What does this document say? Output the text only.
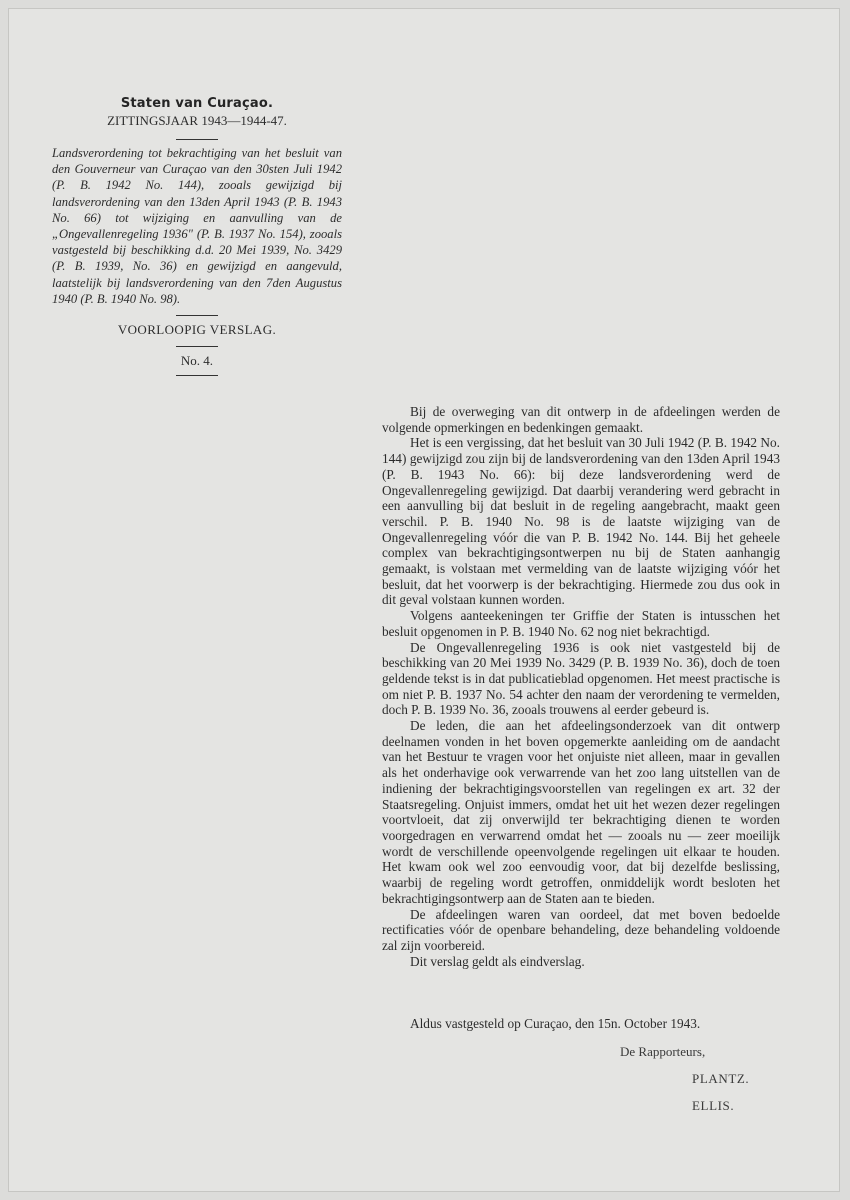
Staten van Curaçao.
ZITTINGSJAAR 1943—1944-47.
Landsverordening tot bekrachtiging van het besluit van den Gouverneur van Curaçao van den 30sten Juli 1942 (P. B. 1942 No. 144), zooals gewijzigd bij landsverordening van den 13den April 1943 (P. B. 1943 No. 66) tot wijziging en aanvulling van de „Ongevallenregeling 1936" (P. B. 1937 No. 154), zooals vastgesteld bij beschikking d.d. 20 Mei 1939, No. 3429 (P. B. 1939, No. 36) en gewijzigd en aangevuld, laatstelijk bij landsverordening van den 7den Augustus 1940 (P. B. 1940 No. 98).
VOORLOOPIG VERSLAG.
No. 4.

Bij de overweging van dit ontwerp in de afdeelingen werden de volgende opmerkingen en bedenkingen gemaakt.

Het is een vergissing, dat het besluit van 30 Juli 1942 (P. B. 1942 No. 144) gewijzigd zou zijn bij de landsverordening van den 13den April 1943 (P. B. 1943 No. 66): bij deze landsverordening werd de Ongevallenregeling gewijzigd. Dat daarbij verandering werd gebracht in een aanvulling bij dat besluit in de regeling aangebracht, maakt geen verschil. P. B. 1940 No. 98 is de laatste wijziging van de Ongevallenregeling vóór die van P. B. 1942 No. 144. Bij het geheele complex van bekrachtigingsontwerpen nu bij de Staten aanhangig gemaakt, is volstaan met vermelding van de laatste wijziging vóór het besluit, dat het voorwerp is der bekrachtiging. Hiermede zou dus ook in dit geval volstaan kunnen worden.

Volgens aanteekeningen ter Griffie der Staten is intusschen het besluit opgenomen in P. B. 1940 No. 62 nog niet bekrachtigd.

De Ongevallenregeling 1936 is ook niet vastgesteld bij de beschikking van 20 Mei 1939 No. 3429 (P. B. 1939 No. 36), doch de toen geldende tekst is in dat publicatieblad opgenomen. Het meest practische is om niet P. B. 1937 No. 54 achter den naam der verordening te vermelden, doch P. B. 1939 No. 36, zooals trouwens al eerder gebeurd is.

De leden, die aan het afdeelingsonderzoek van dit ontwerp deelnamen vonden in het boven opgemerkte aanleiding om de aandacht van het Bestuur te vragen voor het onjuiste niet alleen, maar in gevallen als het onderhavige ook verwarrende van het zoo lang uitstellen van de indiening der bekrachtigingsvoorstellen van regelingen ex art. 32 der Staatsregeling. Onjuist immers, omdat het uit het wezen dezer regelingen voortvloeit, dat zij onverwijld ter bekrachtiging dienen te worden voorgedragen en verwarrend omdat het — zooals nu — zeer moeilijk wordt de verschillende opeenvolgende regelingen uit elkaar te houden. Het kwam ook wel zoo eenvoudig voor, dat bij dezelfde beslissing, waarbij de regeling wordt getroffen, onmiddelijk wordt besloten het bekrachtigingsontwerp aan de Staten aan te bieden.

De afdeelingen waren van oordeel, dat met boven bedoelde rectificaties vóór de openbare behandeling, deze behandeling voldoende zal zijn voorbereid.

Dit verslag geldt als eindverslag.

Aldus vastgesteld op Curaçao, den 15n. October 1943.
De Rapporteurs,
PLANTZ.
ELLIS.
